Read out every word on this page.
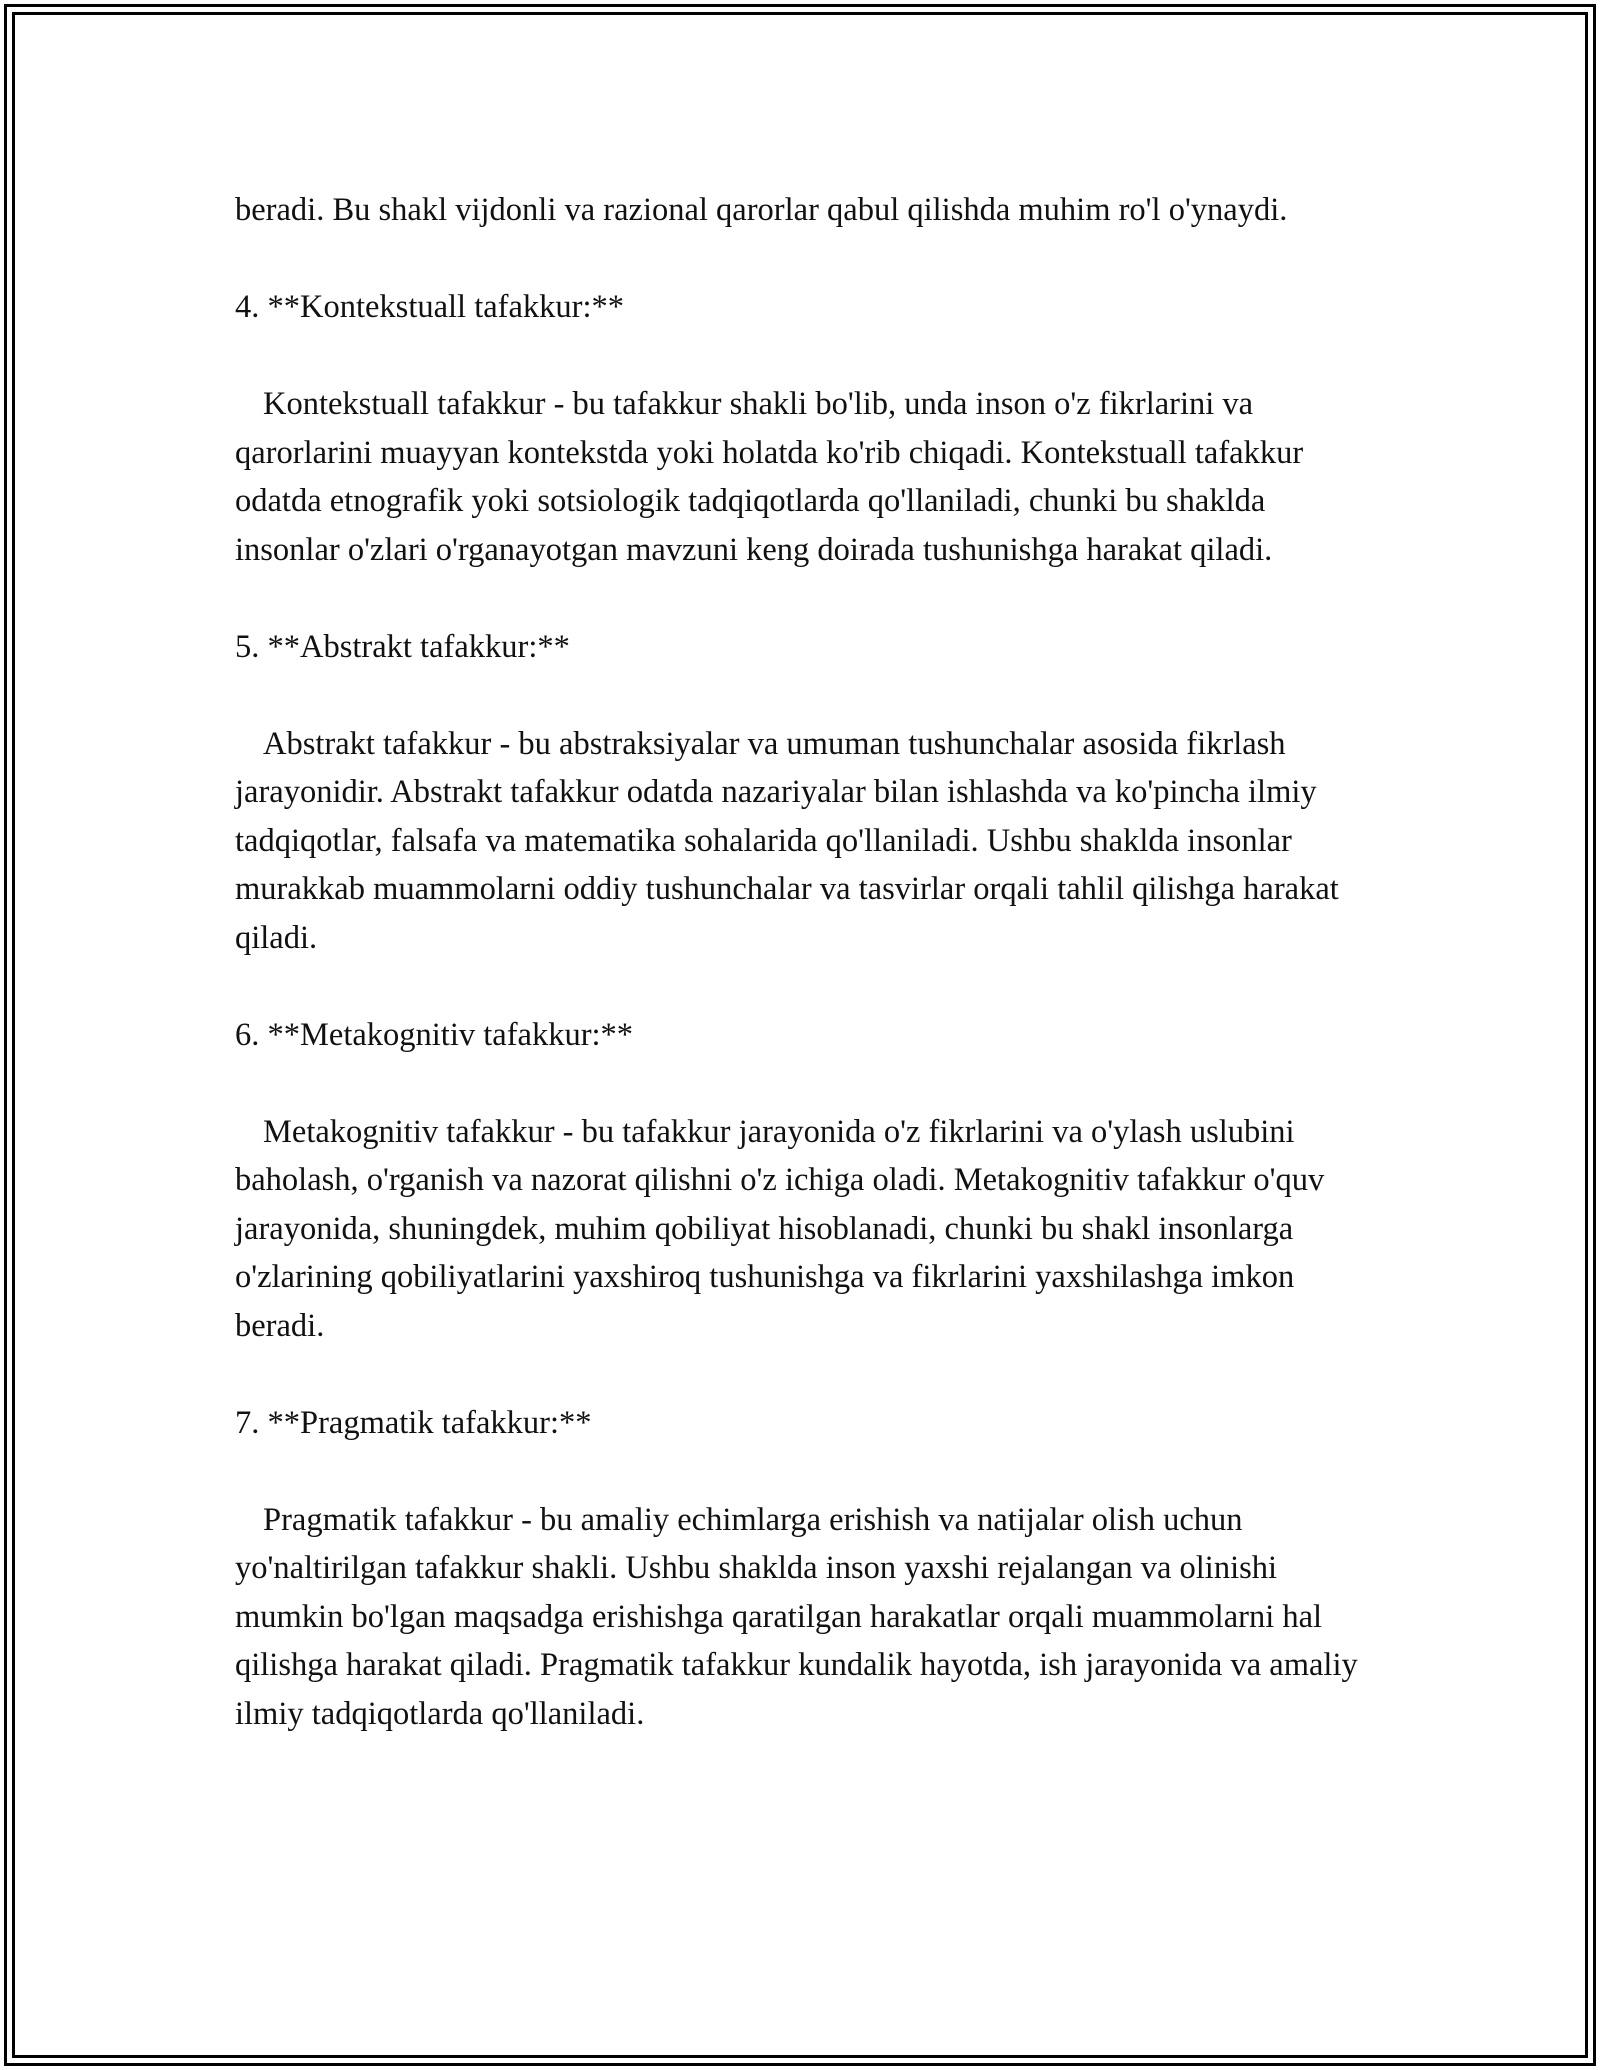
beradi. Bu shakl vijdonli va razional qarorlar qabul qilishda muhim ro'l o'ynaydi.

4. **Kontekstuall tafakkur:**

Kontekstuall tafakkur - bu tafakkur shakli bo'lib, unda inson o'z fikrlarini va qarorlarini muayyan kontekstda yoki holatda ko'rib chiqadi. Kontekstuall tafakkur odatda etnografik yoki sotsiologik tadqiqotlarda qo'llaniladi, chunki bu shaklda insonlar o'zlari o'rganayotgan mavzuni keng doirada tushunishga harakat qiladi.

5. **Abstrakt tafakkur:**

Abstrakt tafakkur - bu abstraksiyalar va umuman tushunchalar asosida fikrlash jarayonidir. Abstrakt tafakkur odatda nazariyalar bilan ishlashda va ko'pincha ilmiy tadqiqotlar, falsafa va matematika sohalarida qo'llaniladi. Ushbu shaklda insonlar murakkab muammolarni oddiy tushunchalar va tasvirlar orqali tahlil qilishga harakat qiladi.

6. **Metakognitiv tafakkur:**

Metakognitiv tafakkur - bu tafakkur jarayonida o'z fikrlarini va o'ylash uslubini baholash, o'rganish va nazorat qilishni o'z ichiga oladi. Metakognitiv tafakkur o'quv jarayonida, shuningdek, muhim qobiliyat hisoblanadi, chunki bu shakl insonlarga o'zlarining qobiliyatlarini yaxshiroq tushunishga va fikrlarini yaxshilashga imkon beradi.

7. **Pragmatik tafakkur:**

Pragmatik tafakkur - bu amaliy echimlarga erishish va natijalar olish uchun yo'naltirilgan tafakkur shakli. Ushbu shaklda inson yaxshi rejalangan va olinishi mumkin bo'lgan maqsadga erishishga qaratilgan harakatlar orqali muammolarni hal qilishga harakat qiladi. Pragmatik tafakkur kundalik hayotda, ish jarayonida va amaliy ilmiy tadqiqotlarda qo'llaniladi.
